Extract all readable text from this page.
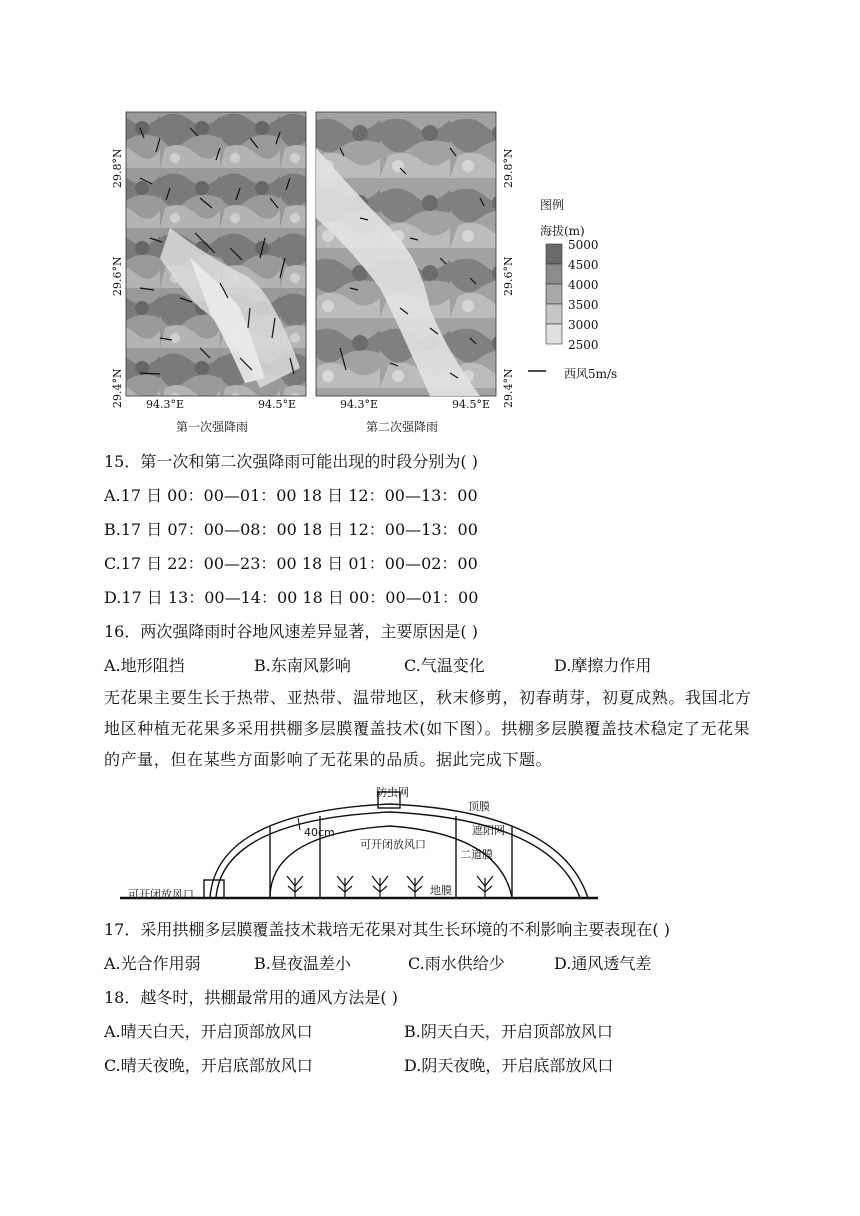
29.8°N
29.6°N
29.4°N
29.8°N
29.6°N
29.4°N
94.3°E	94.5°E	94.3°E	94.5°E
第一次强降雨	第二次强降雨
图例
海拔(m)
5000
4500
4000
3500
3000
2500
西风5m/s
15．第一次和第二次强降雨可能出现的时段分别为( )
A.17 日 00：00—01：00 18 日 12：00—13：00
B.17 日 07：00—08：00 18 日 12：00—13：00
C.17 日 22：00—23：00 18 日 01：00—02：00
D.17 日 13：00—14：00 18 日 00：00—01：00
16．两次强降雨时谷地风速差异显著，主要原因是( )
A.地形阻挡	B.东南风影响	C.气温变化	D.摩擦力作用
无花果主要生长于热带、亚热带、温带地区，秋末修剪，初春萌芽，初夏成熟。我国北方地区种植无花果多采用拱棚多层膜覆盖技术(如下图）。拱棚多层膜覆盖技术稳定了无花果的产量，但在某些方面影响了无花果的品质。据此完成下题。
防虫网
顶膜
遮阳网
40cm
可开闭放风口
二道膜
地膜
可开闭放风口
17．采用拱棚多层膜覆盖技术栽培无花果对其生长环境的不利影响主要表现在( )
A.光合作用弱	B.昼夜温差小	C.雨水供给少	D.通风透气差
18．越冬时，拱棚最常用的通风方法是( )
A.晴天白天，开启顶部放风口	B.阴天白天，开启顶部放风口
C.晴天夜晚，开启底部放风口	D.阴天夜晚，开启底部放风口
